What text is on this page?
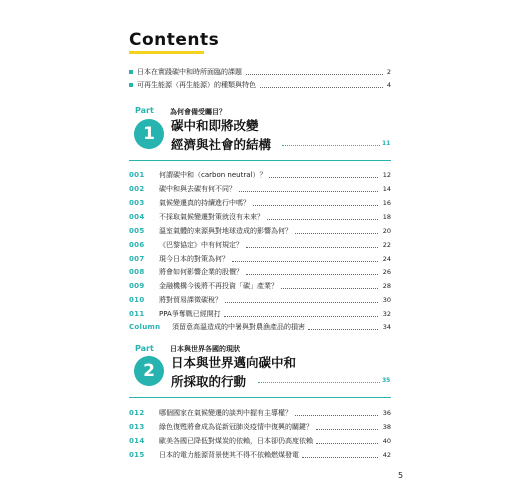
Contents
日本在實踐碳中和時所面臨的課題	2
可再生能源（再生能源）的種類與特色	4
Part 為何會備受矚目？
1	碳中和即將改變
經濟與社會的結構	11
001	何謂碳中和（carbon neutral）？	12
002	碳中和與去碳有何不同？	14
003	氣候變遷真的持續進行中嗎？	16
004	不採取氣候變遷對策就沒有未來？	18
005	溫室氣體的來源與對地球造成的影響為何？	20
006	《巴黎協定》中有何規定？	22
007	現今日本的對策為何？	24
008	將會如何影響企業的股價？	26
009	金融機構今後將不再投資「碳」產業？	28
010	將對貿易課徵碳稅？	30
011	PPA爭奪戰已經開打	32
Column	須留意高溫造成的中暑與對農漁產品的損害	34
Part 日本與世界各國的現狀
2	日本與世界邁向碳中和
所採取的行動	35
012	哪個國家在氣候變遷的談判中握有主導權？	36
013	綠色復甦將會成為從新冠肺炎疫情中復興的關鍵？	38
014	歐美各國已降低對煤炭的依賴，日本卻仍高度依賴	40
015	日本的電力能源背景使其不得不依賴燃煤發電	42
5
